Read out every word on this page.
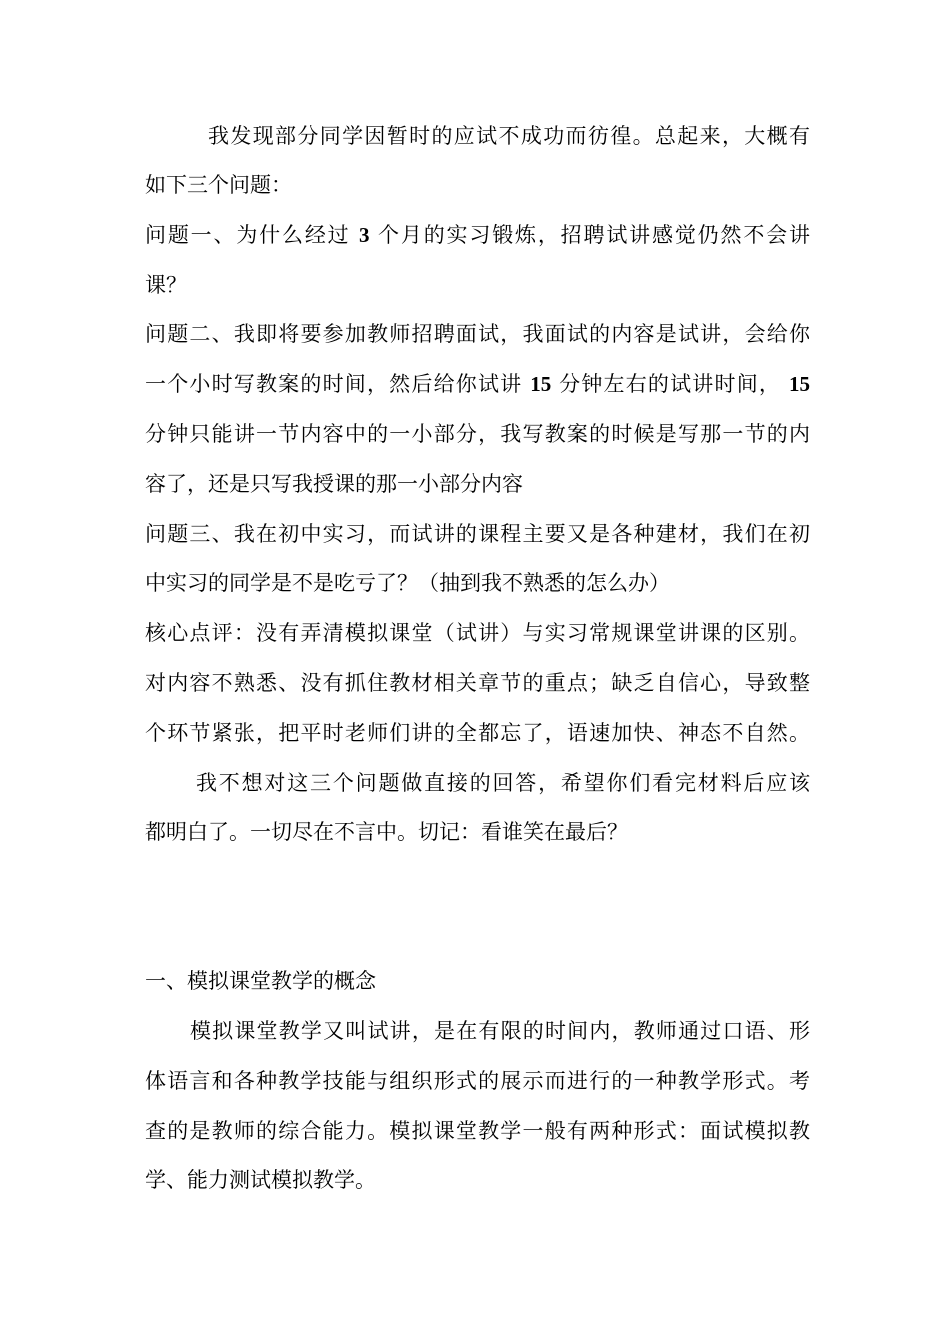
我发现部分同学因暂时的应试不成功而彷徨。总起来，大概有
如下三个问题：
问题一、为什么经过 3 个月的实习锻炼，招聘试讲感觉仍然不会讲
课？
问题二、我即将要参加教师招聘面试，我面试的内容是试讲，会给你
一个小时写教案的时间，然后给你试讲 15 分钟左右的试讲时间， 15
分钟只能讲一节内容中的一小部分，我写教案的时候是写那一节的内
容了，还是只写我授课的那一小部分内容
问题三、我在初中实习，而试讲的课程主要又是各种建材，我们在初
中实习的同学是不是吃亏了？（抽到我不熟悉的怎么办）
核心点评：没有弄清模拟课堂（试讲）与实习常规课堂讲课的区别。
对内容不熟悉、没有抓住教材相关章节的重点；缺乏自信心，导致整
个环节紧张，把平时老师们讲的全都忘了，语速加快、神态不自然。
我不想对这三个问题做直接的回答，希望你们看完材料后应该
都明白了。一切尽在不言中。切记：看谁笑在最后？
一、模拟课堂教学的概念
模拟课堂教学又叫试讲，是在有限的时间内，教师通过口语、形
体语言和各种教学技能与组织形式的展示而进行的一种教学形式。考
查的是教师的综合能力。模拟课堂教学一般有两种形式：面试模拟教
学、能力测试模拟教学。
